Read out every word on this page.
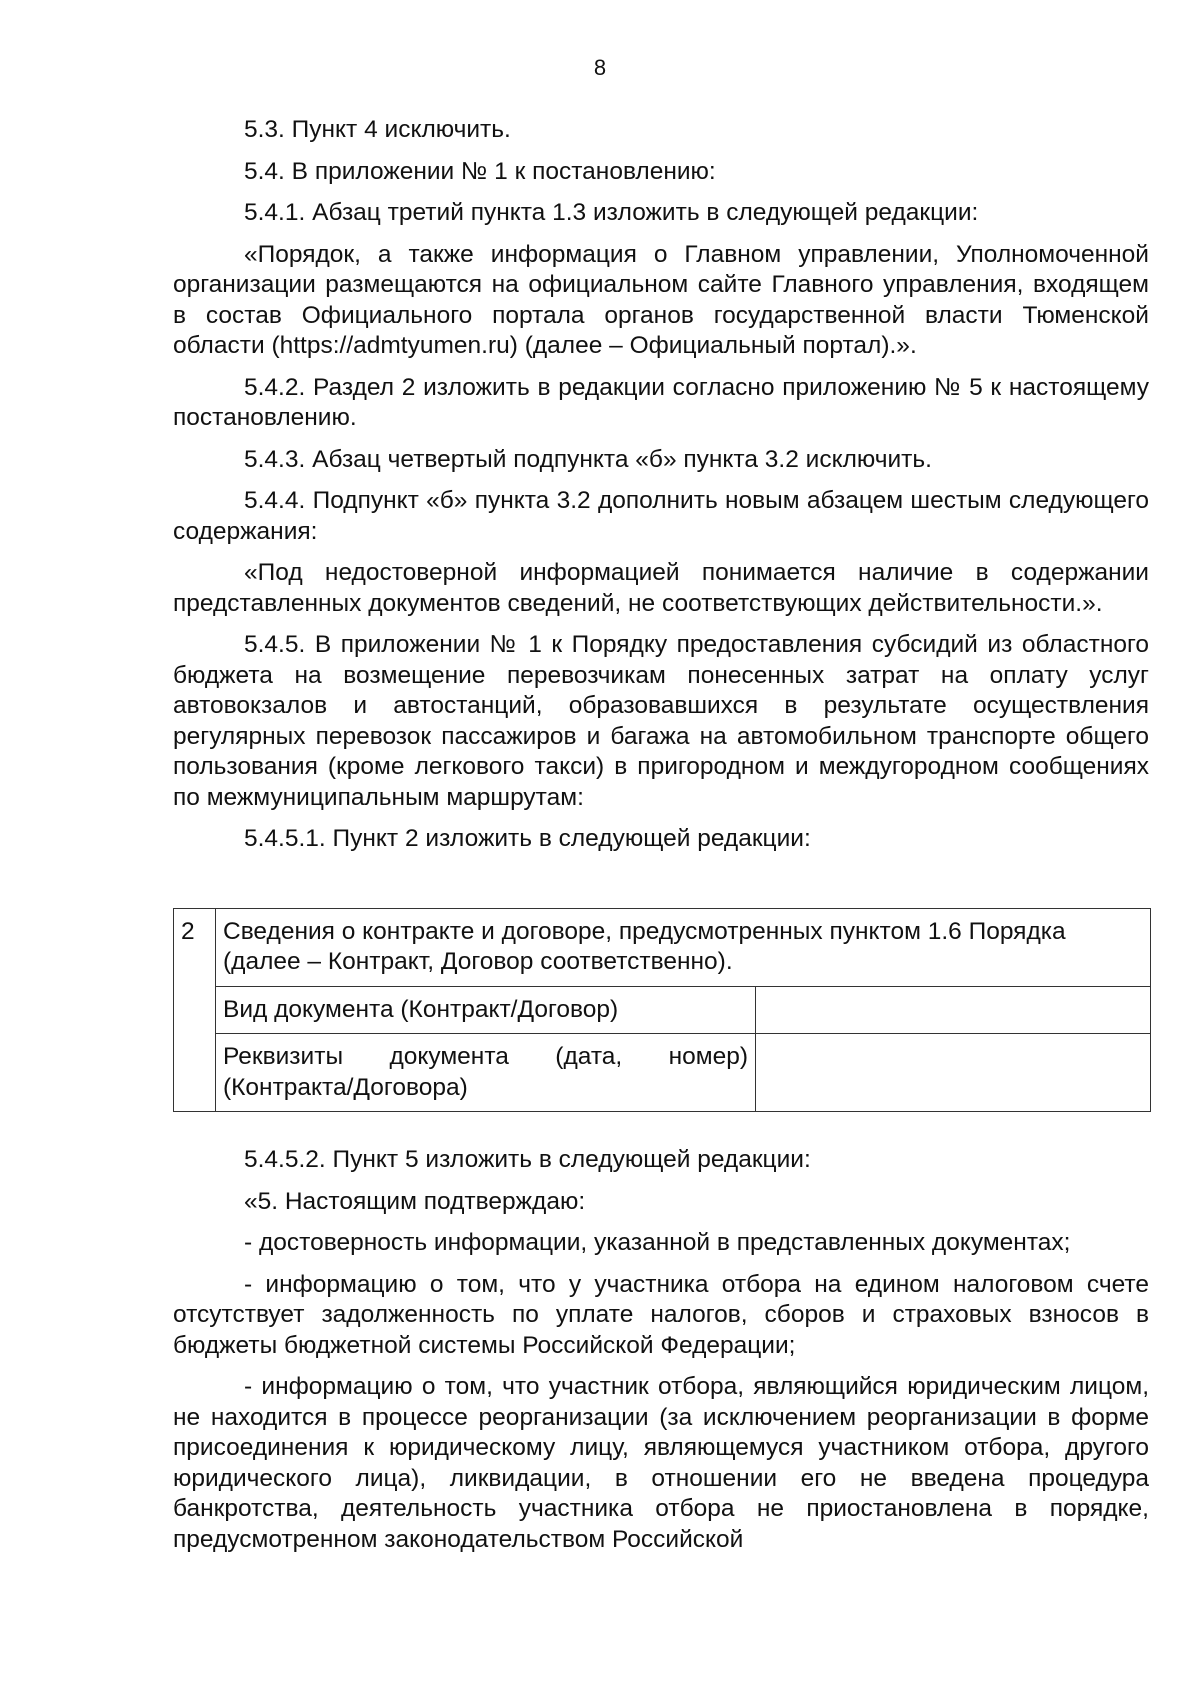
8

5.3. Пункт 4 исключить.

5.4. В приложении № 1 к постановлению:

5.4.1. Абзац третий пункта 1.3 изложить в следующей редакции:

«Порядок, а также информация о Главном управлении, Уполномоченной организации размещаются на официальном сайте Главного управления, входящем в состав Официального портала органов государственной власти Тюменской области (https://admtyumen.ru) (далее – Официальный портал).».

5.4.2. Раздел 2 изложить в редакции согласно приложению № 5 к настоящему постановлению.

5.4.3. Абзац четвертый подпункта «б» пункта 3.2 исключить.

5.4.4. Подпункт «б» пункта 3.2 дополнить новым абзацем шестым следующего содержания:

«Под недостоверной информацией понимается наличие в содержании представленных документов сведений, не соответствующих действительности.».

5.4.5. В приложении № 1 к Порядку предоставления субсидий из областного бюджета на возмещение перевозчикам понесенных затрат на оплату услуг автовокзалов и автостанций, образовавшихся в результате осуществления регулярных перевозок пассажиров и багажа на автомобильном транспорте общего пользования (кроме легкового такси) в пригородном и междугородном сообщениях по межмуниципальным маршрутам:

5.4.5.1. Пункт 2 изложить в следующей редакции:

2	Сведения о контракте и договоре, предусмотренных пунктом 1.6 Порядка (далее – Контракт, Договор соответственно).	
	Вид документа (Контракт/Договор)	
	Реквизиты документа (дата, номер) (Контракта/Договора)	

5.4.5.2. Пункт 5 изложить в следующей редакции:

«5. Настоящим подтверждаю:

- достоверность информации, указанной в представленных документах;

- информацию о том, что у участника отбора на едином налоговом счете отсутствует задолженность по уплате налогов, сборов и страховых взносов в бюджеты бюджетной системы Российской Федерации;

- информацию о том, что участник отбора, являющийся юридическим лицом, не находится в процессе реорганизации (за исключением реорганизации в форме присоединения к юридическому лицу, являющемуся участником отбора, другого юридического лица), ликвидации, в отношении его не введена процедура банкротства, деятельность участника отбора не приостановлена в порядке, предусмотренном законодательством Российской
